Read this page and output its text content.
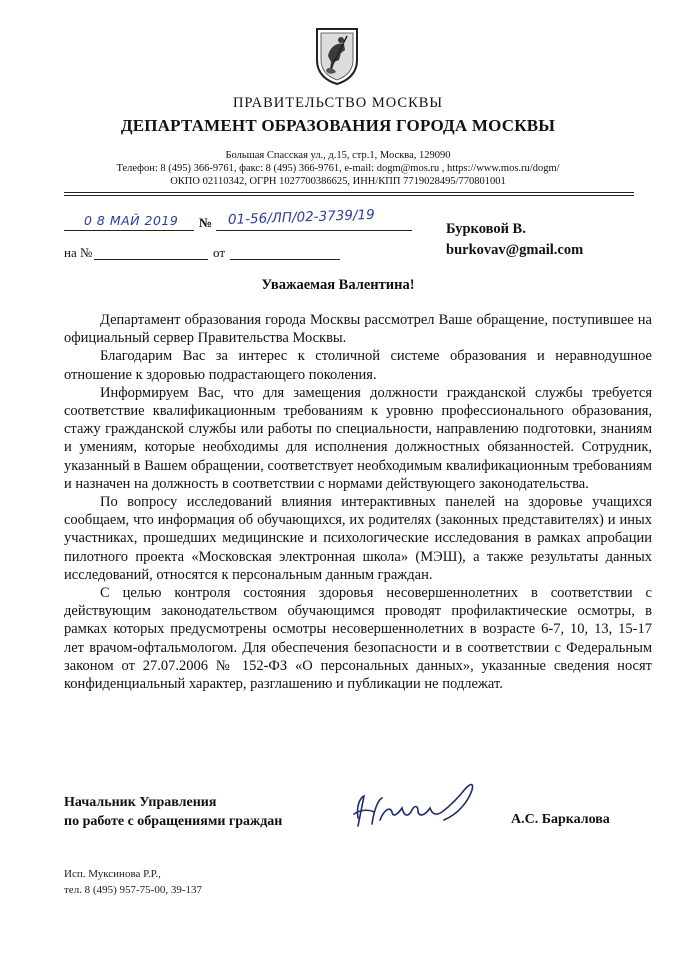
ПРАВИТЕЛЬСТВО МОСКВЫ
ДЕПАРТАМЕНТ ОБРАЗОВАНИЯ ГОРОДА МОСКВЫ
Большая Спасская ул., д.15, стр.1, Москва, 129090
Телефон: 8 (495) 366-9761, факс: 8 (495) 366-9761, e-mail: dogm@mos.ru , https://www.mos.ru/dogm/
ОКПО 02110342, ОГРН 1027700386625, ИНН/КПП 7719028495/770801001
0 8 МАЙ 2019 № 01-56/ЛП/02-3739/19
на №	от
Бурковой В.
burkovav@gmail.com
Уважаемая Валентина!

Департамент образования города Москвы рассмотрел Ваше обращение, поступившее на официальный сервер Правительства Москвы.

Благодарим Вас за интерес к столичной системе образования и неравнодушное отношение к здоровью подрастающего поколения.

Информируем Вас, что для замещения должности гражданской службы требуется соответствие квалификационным требованиям к уровню профессионального образования, стажу гражданской службы или работы по специальности, направлению подготовки, знаниям и умениям, которые необходимы для исполнения должностных обязанностей. Сотрудник, указанный в Вашем обращении, соответствует необходимым квалификационным требованиям и назначен на должность в соответствии с нормами действующего законодательства.

По вопросу исследований влияния интерактивных панелей на здоровье учащихся сообщаем, что информация об обучающихся, их родителях (законных представителях) и иных участниках, прошедших медицинские и психологические исследования в рамках апробации пилотного проекта «Московская электронная школа» (МЭШ), а также результаты данных исследований, относятся к персональным данным граждан.

С целью контроля состояния здоровья несовершеннолетних в соответствии с действующим законодательством обучающимся проводят профилактические осмотры, в рамках которых предусмотрены осмотры несовершеннолетних в возрасте 6-7, 10, 13, 15-17 лет врачом-офтальмологом. Для обеспечения безопасности и в соответствии с Федеральным законом от 27.07.2006 № 152-ФЗ «О персональных данных», указанные сведения носят конфиденциальный характер, разглашению и публикации не подлежат.

Начальник Управления
по работе с обращениями граждан	А.С. Баркалова
Исп. Муксинова Р.Р.,
тел. 8 (495) 957-75-00, 39-137
